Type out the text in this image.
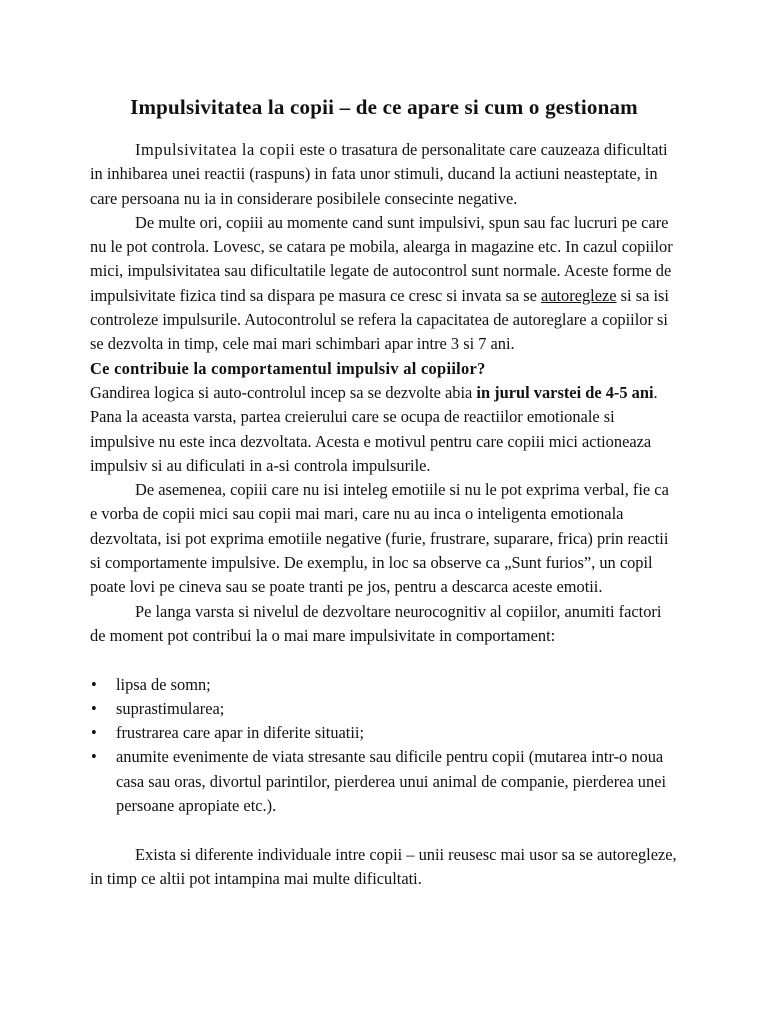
Impulsivitatea la copii – de ce apare si cum o gestionam

Impulsivitatea la copii este o trasatura de personalitate care cauzeaza dificultati in inhibarea unei reactii (raspuns) in fata unor stimuli, ducand la actiuni neasteptate, in care persoana nu ia in considerare posibilele consecinte negative.

De multe ori, copiii au momente cand sunt impulsivi, spun sau fac lucruri pe care nu le pot controla. Lovesc, se catara pe mobila, alearga in magazine etc. In cazul copiilor mici, impulsivitatea sau dificultatile legate de autocontrol sunt normale. Aceste forme de impulsivitate fizica tind sa dispara pe masura ce cresc si invata sa se autoregleze si sa isi controleze impulsurile. Autocontrolul se refera la capacitatea de autoreglare a copiilor si se dezvolta in timp, cele mai mari schimbari apar intre 3 si 7 ani.

Ce contribuie la comportamentul impulsiv al copiilor?

Gandirea logica si auto-controlul incep sa se dezvolte abia in jurul varstei de 4-5 ani. Pana la aceasta varsta, partea creierului care se ocupa de reactiilor emotionale si impulsive nu este inca dezvoltata. Acesta e motivul pentru care copiii mici actioneaza impulsiv si au dificulati in a-si controla impulsurile.

De asemenea, copiii care nu isi inteleg emotiile si nu le pot exprima verbal, fie ca e vorba de copii mici sau copii mai mari, care nu au inca o inteligenta emotionala dezvoltata, isi pot exprima emotiile negative (furie, frustrare, suparare, frica) prin reactii si comportamente impulsive. De exemplu, in loc sa observe ca „Sunt furios”, un copil poate lovi pe cineva sau se poate tranti pe jos, pentru a descarca aceste emotii.

Pe langa varsta si nivelul de dezvoltare neurocognitiv al copiilor, anumiti factori de moment pot contribui la o mai mare impulsivitate in comportament:

•	lipsa de somn;
•	suprastimularea;
•	frustrarea care apar in diferite situatii;
•	anumite evenimente de viata stresante sau dificile pentru copii (mutarea intr-o noua casa sau oras, divortul parintilor, pierderea unui animal de companie, pierderea unei persoane apropiate etc.).

Exista si diferente individuale intre copii – unii reusesc mai usor sa se autoregleze, in timp ce altii pot intampina mai multe dificultati.
